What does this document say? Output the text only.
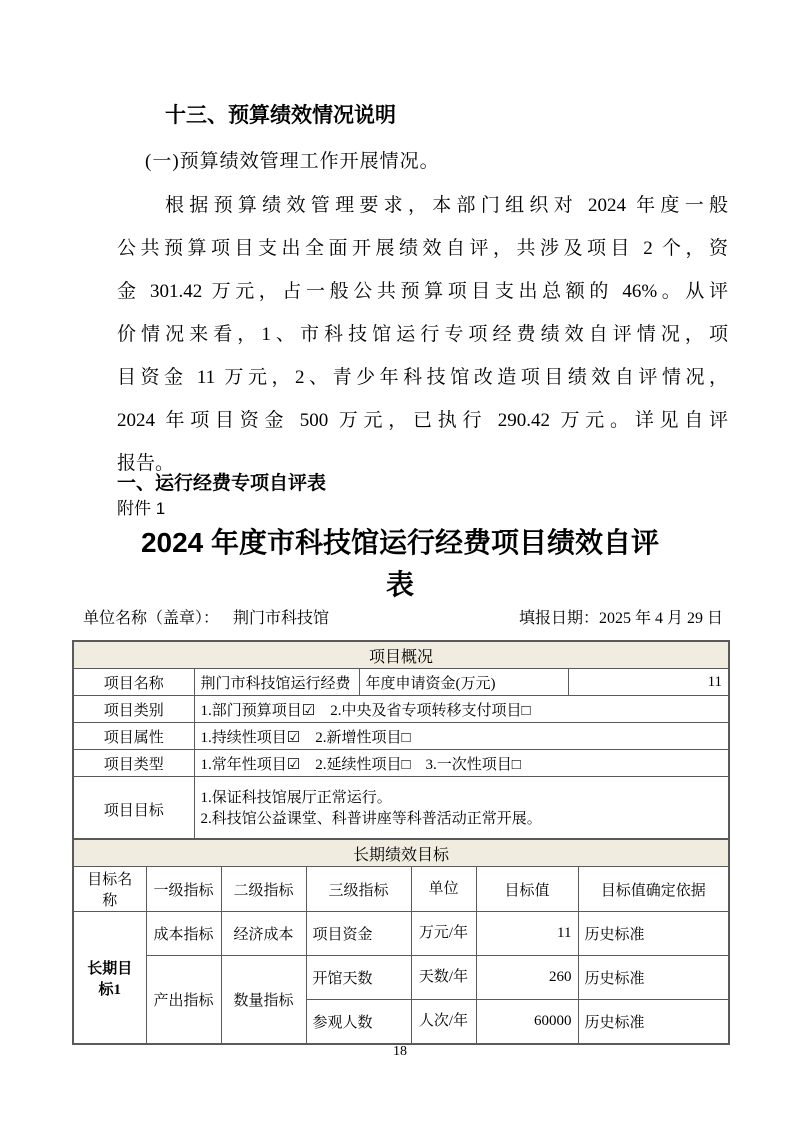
十三、预算绩效情况说明
(一)预算绩效管理工作开展情况。
根据预算绩效管理要求，本部门组织对 2024 年度一般
公共预算项目支出全面开展绩效自评，共涉及项目 2 个，资
金 301.42 万元，占一般公共预算项目支出总额的 46%。从评
价情况来看，1、市科技馆运行专项经费绩效自评情况，项
目资金 11 万元，2、青少年科技馆改造项目绩效自评情况，
2024 年项目资金 500 万元，已执行 290.42 万元。详见自评
报告。
一、运行经费专项自评表
附件 1
2024 年度市科技馆运行经费项目绩效自评
表
单位名称（盖章）： 荆门市科技馆	填报日期：2025 年 4 月 29 日
项目概况			
项目名称	荆门市科技馆运行经费	年度申请资金(万元)	11
项目类别	1.部门预算项目☑　2.中央及省专项转移支付项目□		
项目属性	1.持续性项目☑　2.新增性项目□		
项目类型	1.常年性项目☑　2.延续性项目□　3.一次性项目□		
项目目标	1.保证科技馆展厅正常运行。
2.科技馆公益课堂、科普讲座等科普活动正常开展。		
长期绩效目标						
目标名称	一级指标	二级指标	三级指标	单位	目标值	目标值确定依据
长期目标1	成本指标	经济成本	项目资金	万元/年	11	历史标准
	产出指标	数量指标	开馆天数	天数/年	260	历史标准
			参观人数	人次/年	60000	历史标准
18
